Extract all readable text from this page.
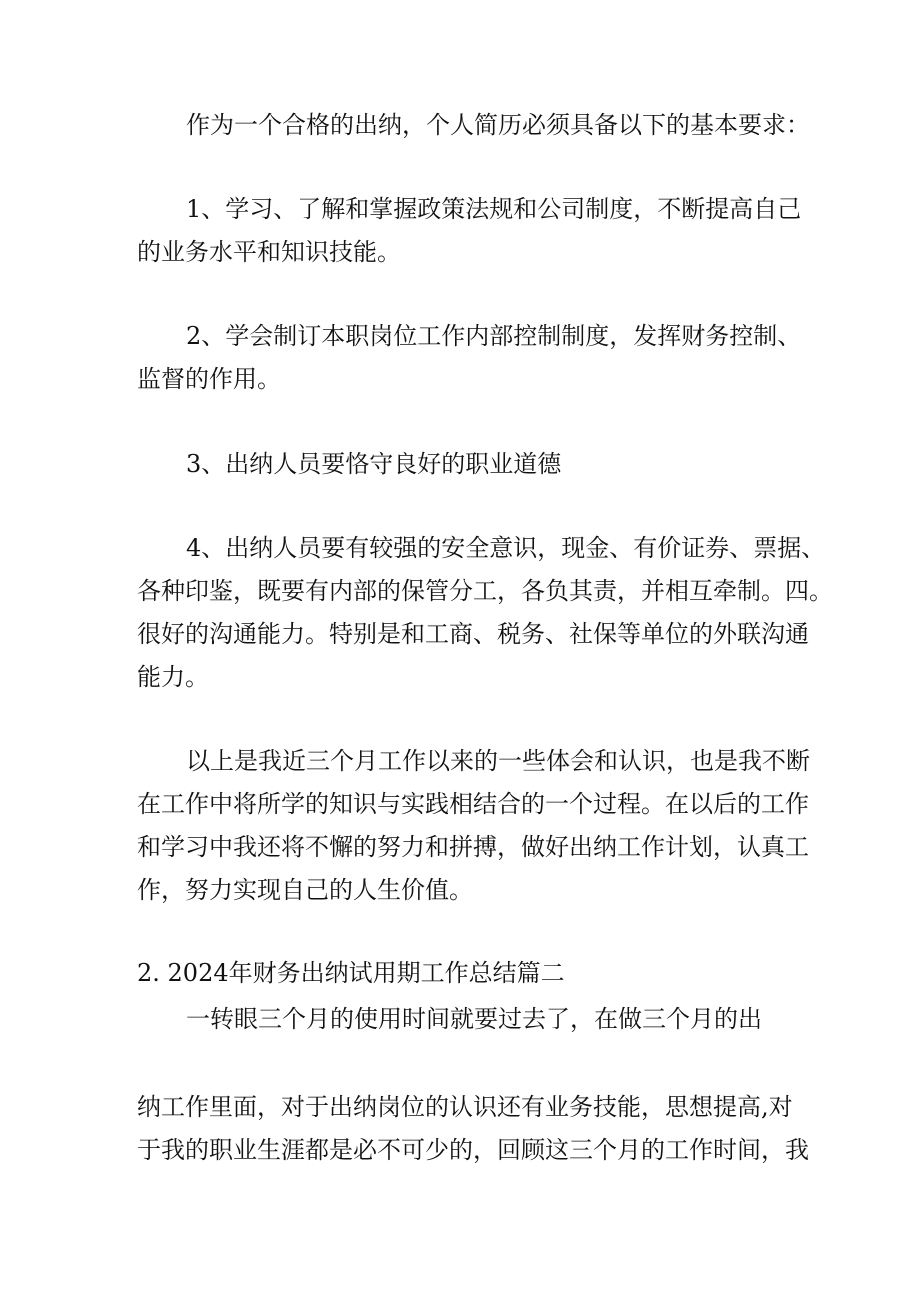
作为一个合格的出纳，个人简历必须具备以下的基本要求：
1、学习、了解和掌握政策法规和公司制度，不断提高自己
的业务水平和知识技能。
2、学会制订本职岗位工作内部控制制度，发挥财务控制、
监督的作用。
3、出纳人员要恪守良好的职业道德
4、出纳人员要有较强的安全意识，现金、有价证券、票据、
各种印鉴，既要有内部的保管分工，各负其责，并相互牵制。四。
很好的沟通能力。特别是和工商、税务、社保等单位的外联沟通
能力。
以上是我近三个月工作以来的一些体会和认识，也是我不断
在工作中将所学的知识与实践相结合的一个过程。在以后的工作
和学习中我还将不懈的努力和拼搏，做好出纳工作计划，认真工
作，努力实现自己的人生价值。
2. 2024年财务出纳试用期工作总结篇二
一转眼三个月的使用时间就要过去了，在做三个月的出
纳工作里面，对于出纳岗位的认识还有业务技能，思想提高,对
于我的职业生涯都是必不可少的，回顾这三个月的工作时间，我
